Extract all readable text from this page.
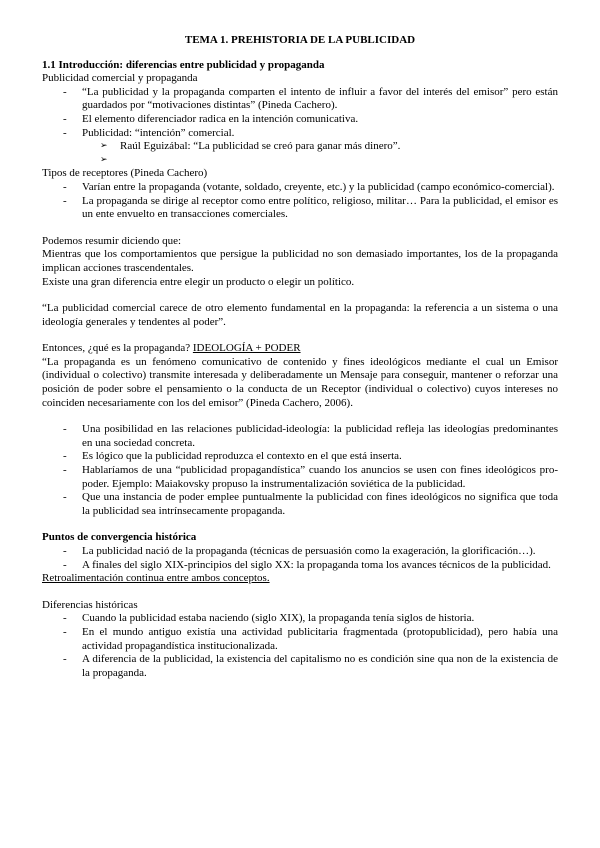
TEMA 1. PREHISTORIA DE LA PUBLICIDAD
1.1 Introducción: diferencias entre publicidad y propaganda
Publicidad comercial y propaganda
- “La publicidad y la propaganda comparten el intento de influir a favor del interés del emisor” pero están guardados por “motivaciones distintas” (Pineda Cachero).
- El elemento diferenciador radica en la intención comunicativa.
- Publicidad: “intención” comercial.
➢ Raúl Eguizábal: “La publicidad se creó para ganar más dinero”.
➢
Tipos de receptores (Pineda Cachero)
- Varían entre la propaganda (votante, soldado, creyente, etc.) y la publicidad (campo económico-comercial).
- La propaganda se dirige al receptor como entre político, religioso, militar… Para la publicidad, el emisor es un ente envuelto en transacciones comerciales.
Podemos resumir diciendo que:
Mientras que los comportamientos que persigue la publicidad no son demasiado importantes, los de la propaganda implican acciones trascendentales.
Existe una gran diferencia entre elegir un producto o elegir un político.
“La publicidad comercial carece de otro elemento fundamental en la propaganda: la referencia a un sistema o una ideología generales y tendentes al poder”.
Entonces, ¿qué es la propaganda? IDEOLOGÍA + PODER
“La propaganda es un fenómeno comunicativo de contenido y fines ideológicos mediante el cual un Emisor (individual o colectivo) transmite interesada y deliberadamente un Mensaje para conseguir, mantener o reforzar una posición de poder sobre el pensamiento o la conducta de un Receptor (individual o colectivo) cuyos intereses no coinciden necesariamente con los del emisor” (Pineda Cachero, 2006).
- Una posibilidad en las relaciones publicidad-ideología: la publicidad refleja las ideologías predominantes en una sociedad concreta.
- Es lógico que la publicidad reproduzca el contexto en el que está inserta.
- Hablaríamos de una “publicidad propagandística” cuando los anuncios se usen con fines ideológicos pro-poder. Ejemplo: Maiakovsky propuso la instrumentalización soviética de la publicidad.
- Que una instancia de poder emplee puntualmente la publicidad con fines ideológicos no significa que toda la publicidad sea intrínsecamente propaganda.
Puntos de convergencia histórica
- La publicidad nació de la propaganda (técnicas de persuasión como la exageración, la glorificación…).
- A finales del siglo XIX-principios del siglo XX: la propaganda toma los avances técnicos de la publicidad.
Retroalimentación continua entre ambos conceptos.
Diferencias históricas
- Cuando la publicidad estaba naciendo (siglo XIX), la propaganda tenía siglos de historia.
- En el mundo antiguo existía una actividad publicitaria fragmentada (protopublicidad), pero había una actividad propagandística institucionalizada.
- A diferencia de la publicidad, la existencia del capitalismo no es condición sine qua non de la existencia de la propaganda.
